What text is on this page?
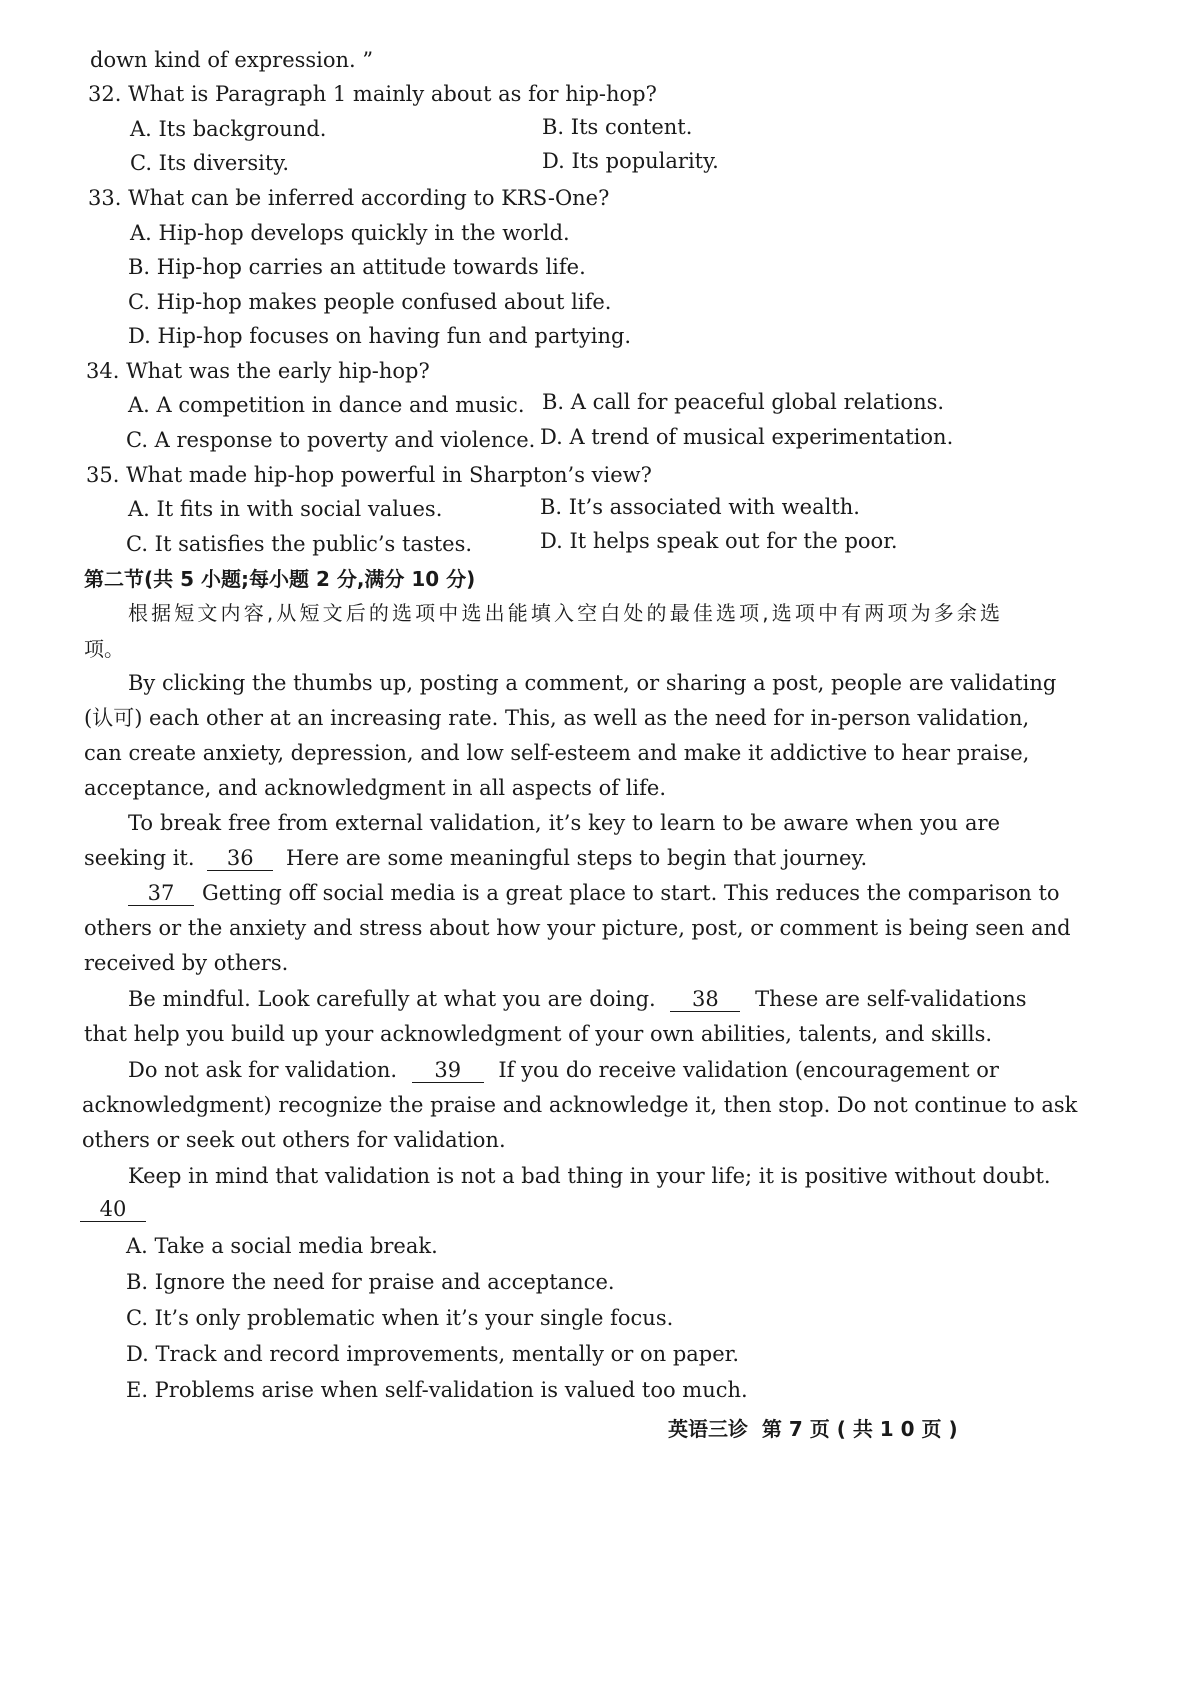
down kind of expression. ”
32. What is Paragraph 1 mainly about as for hip-hop?
A. Its background.	B. Its content.
C. Its diversity.	D. Its popularity.
33. What can be inferred according to KRS-One?
A. Hip-hop develops quickly in the world.
B. Hip-hop carries an attitude towards life.
C. Hip-hop makes people confused about life.
D. Hip-hop focuses on having fun and partying.
34. What was the early hip-hop?
A. A competition in dance and music. B. A call for peaceful global relations.
C. A response to poverty and violence. D. A trend of musical experimentation.
35. What made hip-hop powerful in Sharpton’s view?
A. It fits in with social values.	B. It’s associated with wealth.
C. It satisfies the public’s tastes.	D. It helps speak out for the poor.
第二节(共 5 小题;每小题 2 分,满分 10 分)
根据短文内容,从短文后的选项中选出能填入空白处的最佳选项,选项中有两项为多余选
项。
By clicking the thumbs up, posting a comment, or sharing a post, people are validating
(认可) each other at an increasing rate. This, as well as the need for in-person validation,
can create anxiety, depression, and low self-esteem and make it addictive to hear praise,
acceptance, and acknowledgment in all aspects of life.
To break free from external validation, it’s key to learn to be aware when you are
seeking it. 36 Here are some meaningful steps to begin that journey.
37 Getting off social media is a great place to start. This reduces the comparison to
others or the anxiety and stress about how your picture, post, or comment is being seen and
received by others.
Be mindful. Look carefully at what you are doing. 38 These are self-validations
that help you build up your acknowledgment of your own abilities, talents, and skills.
Do not ask for validation. 39 If you do receive validation (encouragement or
acknowledgment) recognize the praise and acknowledge it, then stop. Do not continue to ask
others or seek out others for validation.
Keep in mind that validation is not a bad thing in your life; it is positive without doubt.
40
A. Take a social media break.
B. Ignore the need for praise and acceptance.
C. It’s only problematic when it’s your single focus.
D. Track and record improvements, mentally or on paper.
E. Problems arise when self-validation is valued too much.
英语三诊  第 7 页 ( 共 1 0 页 )
